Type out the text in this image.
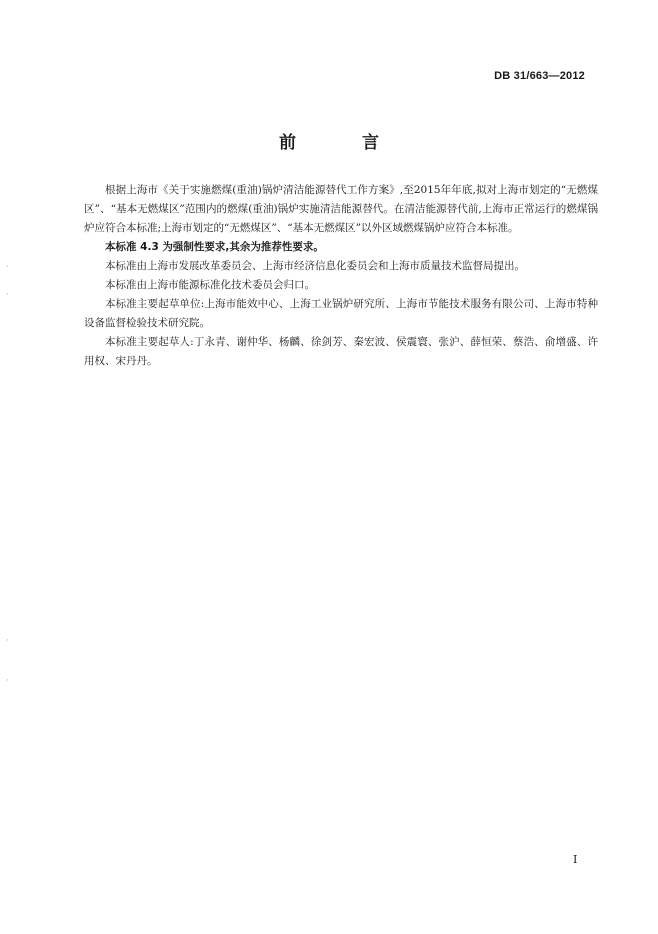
DB 31/663—2012
前 言

根据上海市《关于实施燃煤(重油)锅炉清洁能源替代工作方案》,至2015年年底,拟对上海市划定的“无燃煤区”、“基本无燃煤区”范围内的燃煤(重油)锅炉实施清洁能源替代。在清洁能源替代前,上海市正常运行的燃煤锅炉应符合本标准;上海市划定的“无燃煤区”、“基本无燃煤区”以外区域燃煤锅炉应符合本标准。

本标准 4.3 为强制性要求,其余为推荐性要求。

本标准由上海市发展改革委员会、上海市经济信息化委员会和上海市质量技术监督局提出。

本标准由上海市能源标准化技术委员会归口。

本标准主要起草单位:上海市能效中心、上海工业锅炉研究所、上海市节能技术服务有限公司、上海市特种设备监督检验技术研究院。

本标准主要起草人:丁永青、谢仲华、杨麟、徐剑芳、秦宏波、侯震寰、张沪、薛恒荣、蔡浩、俞增盛、许用权、宋丹丹。

·
·
·
·
I
